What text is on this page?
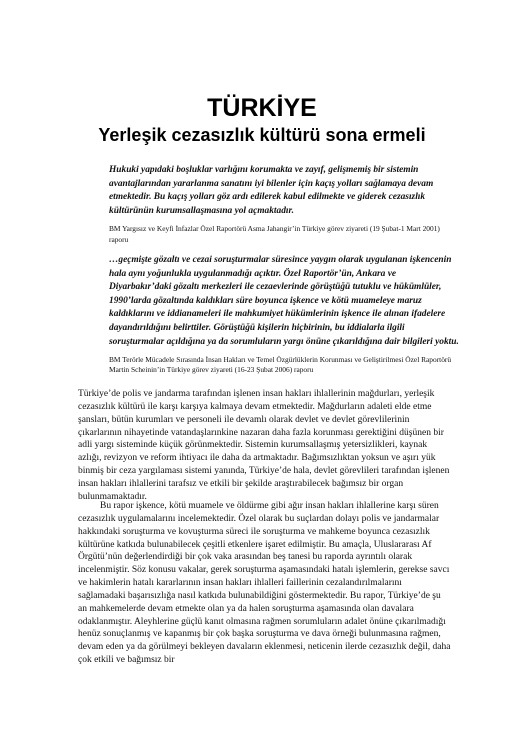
TÜRKİYE
Yerleşik cezasızlık kültürü sona ermeli

Hukuki yapıdaki boşluklar varlığını korumakta ve zayıf, gelişmemiş bir sistemin avantajlarından yararlanma sanatını iyi bilenler için kaçış yolları sağlamaya devam etmektedir. Bu kaçış yolları göz ardı edilerek kabul edilmekte ve giderek cezasızlık kültürünün kurumsallaşmasına yol açmaktadır.

BM Yargısız ve Keyfi İnfazlar Özel Raportörü Asma Jahangir’in Türkiye görev ziyareti (19 Şubat-1 Mart 2001) raporu

…geçmişte gözaltı ve cezai soruşturmalar süresince yaygın olarak uygulanan işkencenin hala aynı yoğunlukla uygulanmadığı açıktır. Özel Raportör’ün, Ankara ve Diyarbakır’daki gözaltı merkezleri ile cezaevlerinde görüştüğü tutuklu ve hükümlüler, 1990’larda gözaltında kaldıkları süre boyunca işkence ve kötü muameleye maruz kaldıklarını ve iddianameleri ile mahkumiyet hükümlerinin işkence ile alınan ifadelere dayandırıldığını belirttiler. Görüştüğü kişilerin hiçbirinin, bu iddialarla ilgili soruşturmalar açıldığına ya da sorumluların yargı önüne çıkarıldığına dair bilgileri yoktu.

BM Terörle Mücadele Sırasında İnsan Hakları ve Temel Özgürlüklerin Korunması ve Geliştirilmesi Özel Raportörü Martin Scheinin’in Türkiye görev ziyareti (16-23 Şubat 2006) raporu

Türkiye’de polis ve jandarma tarafından işlenen insan hakları ihlallerinin mağdurları, yerleşik cezasızlık kültürü ile karşı karşıya kalmaya devam etmektedir. Mağdurların adaleti elde etme şansları, bütün kurumları ve personeli ile devamlı olarak devlet ve devlet görevlilerinin çıkarlarının nihayetinde vatandaşlarınkine nazaran daha fazla korunması gerektiğini düşünen bir adli yargı sisteminde küçük görünmektedir. Sistemin kurumsallaşmış yetersizlikleri, kaynak azlığı, revizyon ve reform ihtiyacı ile daha da artmaktadır. Bağımsızlıktan yoksun ve aşırı yük binmiş bir ceza yargılaması sistemi yanında, Türkiye’de hala, devlet görevlileri tarafından işlenen insan hakları ihlallerini tarafsız ve etkili bir şekilde araştırabilecek bağımsız bir organ bulunmamaktadır.

Bu rapor işkence, kötü muamele ve öldürme gibi ağır insan hakları ihlallerine karşı süren cezasızlık uygulamalarını incelemektedir. Özel olarak bu suçlardan dolayı polis ve jandarmalar hakkındaki soruşturma ve kovuşturma süreci ile soruşturma ve mahkeme boyunca cezasızlık kültürüne katkıda bulunabilecek çeşitli etkenlere işaret edilmiştir. Bu amaçla, Uluslararası Af Örgütü’nün değerlendirdiği bir çok vaka arasından beş tanesi bu raporda ayrıntılı olarak incelenmiştir. Söz konusu vakalar, gerek soruşturma aşamasındaki hatalı işlemlerin, gerekse savcı ve hakimlerin hatalı kararlarının insan hakları ihlalleri faillerinin cezalandırılmalarını sağlamadaki başarısızlığa nasıl katkıda bulunabildiğini göstermektedir. Bu rapor, Türkiye’de şu an mahkemelerde devam etmekte olan ya da halen soruşturma aşamasında olan davalara odaklanmıştır. Aleyhlerine güçlü kanıt olmasına rağmen sorumluların adalet önüne çıkarılmadığı henüz sonuçlanmış ve kapanmış bir çok başka soruşturma ve dava örneği bulunmasına rağmen, devam eden ya da görülmeyi bekleyen davaların eklenmesi, neticenin ilerde cezasızlık değil, daha çok etkili ve bağımsız bir
